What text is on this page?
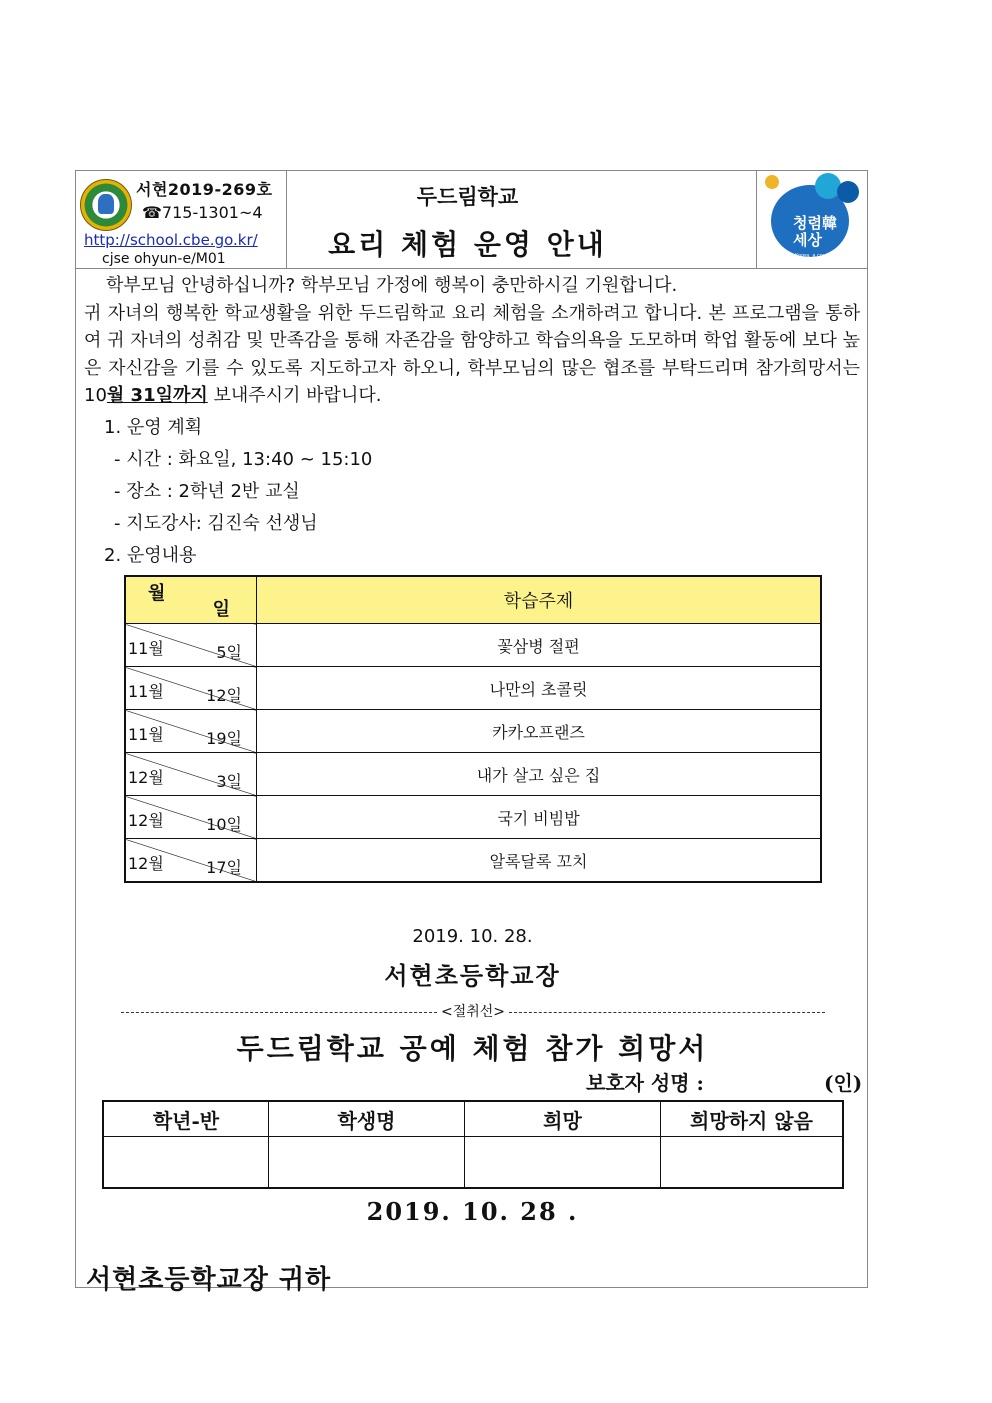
서현2019-269호
☎715-1301~4
http://school.cbe.go.kr/
cjse ohyun-e/M01
두드림학교
요리 체험 운영 안내
청렴韓 세상
Korea, a country of integrity
학부모님 안녕하십니까? 학부모님 가정에 행복이 충만하시길 기원합니다.
귀 자녀의 행복한 학교생활을 위한 두드림학교 요리 체험을 소개하려고 합니다. 본 프로그램을 통하여 귀 자녀의 성취감 및 만족감을 통해 자존감을 함양하고 학습의욕을 도모하며 학업 활동에 보다 높은 자신감을 기를 수 있도록 지도하고자 하오니, 학부모님의 많은 협조를 부탁드리며 참가희망서는 10월 31일까지 보내주시기 바랍니다.
1. 운영 계획
- 시간 : 화요일, 13:40 ~ 15:10
- 장소 : 2학년 2반 교실
- 지도강사: 김진숙 선생님
2. 운영내용
월
일	학습주제

11월 5일	꽃삼병 절편

11월 12일	나만의 초콜릿

11월 19일	카카오프랜즈

12월 3일	내가 살고 싶은 집

12월 10일	국기 비빔밥

12월 17일	알록달록 꼬치
2019. 10. 28.
서현초등학교장
<절취선>
두드림학교 공예 체험 참가 희망서
보호자 성명 :	(인)
학년-반	학생명	희망	희망하지 않음

2019. 10. 28 .
서현초등학교장 귀하
